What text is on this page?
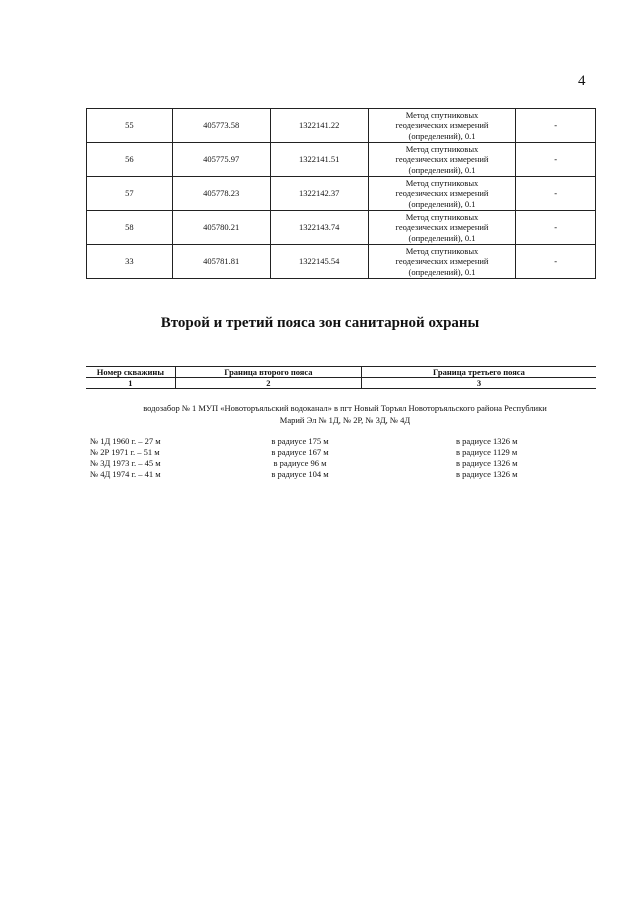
4
55	405773.58	1322141.22	Метод спутниковых
геодезических измерений
(определений), 0.1	-
56	405775.97	1322141.51	Метод спутниковых
геодезических измерений
(определений), 0.1	-
57	405778.23	1322142.37	Метод спутниковых
геодезических измерений
(определений), 0.1	-
58	405780.21	1322143.74	Метод спутниковых
геодезических измерений
(определений), 0.1	-
33	405781.81	1322145.54	Метод спутниковых
геодезических измерений
(определений), 0.1	-
Второй и третий пояса зон санитарной охраны
Номер скважины	Граница второго пояса	Граница третьего пояса
1	2	3
водозабор № 1 МУП «Новоторъяльский водоканал» в пгт Новый Торъял Новоторъяльского района Республики
Марий Эл № 1Д, № 2Р, № 3Д, № 4Д
№ 1Д 1960 г. – 27 м	в радиусе 175 м	в радиусе 1326 м
№ 2Р 1971 г. – 51 м	в радиусе 167 м	в радиусе 1129 м
№ 3Д 1973 г. – 45 м	в радиусе 96 м	в радиусе 1326 м
№ 4Д 1974 г. – 41 м	в радиусе 104 м	в радиусе 1326 м
